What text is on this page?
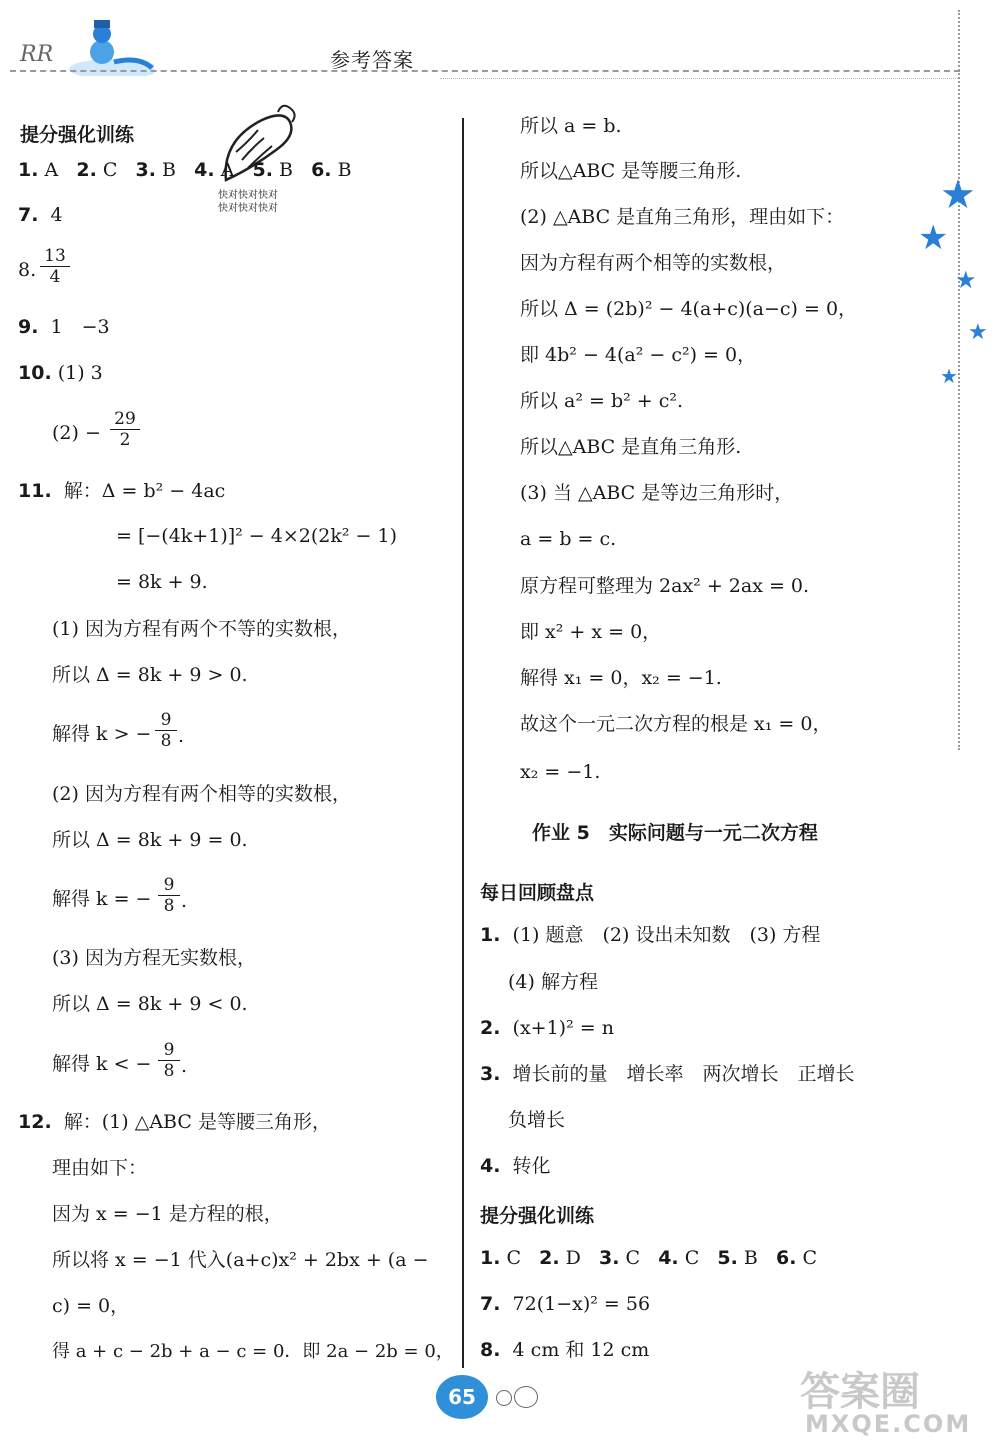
RR	参考答案
★
★
★
★
★
提分强化训练
快对快对快对
快对快对快对
1. A 2. C 3. B 4. A 5. B 6. B
7. 4
8. $\frac{13}{4}$
9. 1　−3
10. (1) 3
$(2) - \frac{29}{2}$
11. 解：Δ = b² − 4ac
= [−(4k+1)]² − 4×2(2k² − 1)
= 8k + 9.
(1) 因为方程有两个不等的实数根，
所以 Δ = 8k + 9 > 0.
解得 k > − $\frac{9}{8}$ .
(2) 因为方程有两个相等的实数根，
所以 Δ = 8k + 9 = 0.
解得 k = − $\frac{9}{8}$ .
(3) 因为方程无实数根，
所以 Δ = 8k + 9 < 0.
解得 k < − $\frac{9}{8}$ .
12. 解：(1) △ABC 是等腰三角形，
理由如下：
因为 x = −1 是方程的根，
所以将 x = −1 代入(a+c)x² + 2bx + (a −
c) = 0，
得 a + c − 2b + a − c = 0．即 2a − 2b = 0，
所以 a = b.
所以△ABC 是等腰三角形.
(2) △ABC 是直角三角形，理由如下：
因为方程有两个相等的实数根，
所以 Δ = (2b)² − 4(a+c)(a−c) = 0，
即 4b² − 4(a² − c²) = 0，
所以 a² = b² + c².
所以△ABC 是直角三角形.
(3) 当 △ABC 是等边三角形时，
a = b = c.
原方程可整理为 2ax² + 2ax = 0.
即 x² + x = 0，
解得 x₁ = 0，x₂ = −1.
故这个一元二次方程的根是 x₁ = 0，
x₂ = −1.
作业 5　实际问题与一元二次方程
每日回顾盘点
1. (1) 题意　(2) 设出未知数　(3) 方程
(4) 解方程
2. (x+1)² = n
3. 增长前的量　增长率　两次增长　正增长
负增长
4. 转化
提分强化训练
1. C 2. D 3. C 4. C 5. B 6. C
7. 72(1−x)² = 56
8. 4 cm 和 12 cm
65	答案圈
MXQE.COM
